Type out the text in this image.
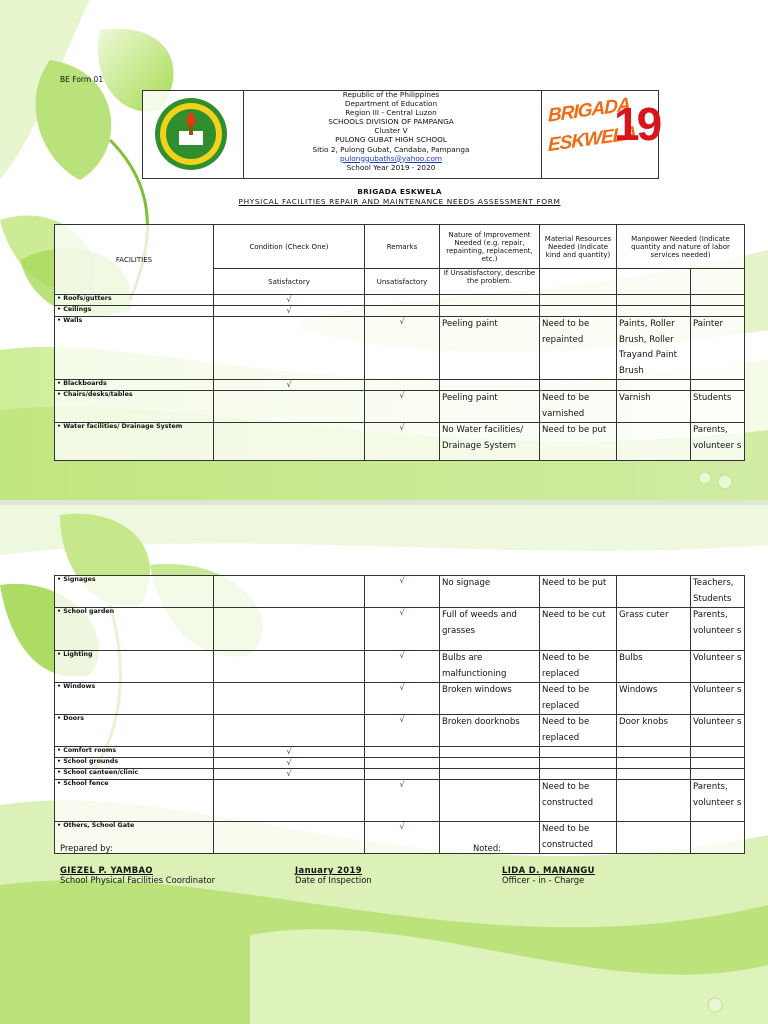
BE Form 01
BRIGADA
ESKWELA
19
Republic of the Philippines
Department of Education
Region III - Central Luzon
SCHOOLS DIVISION OF PAMPANGA
Cluster V
PULONG GUBAT HIGH SCHOOL
Sitio 2, Pulong Gubat, Candaba, Pampanga
pulonggubaths@yahoo.com
School Year 2019 - 2020
BRIGADA ESKWELA
PHYSICAL FACILITIES REPAIR AND MAINTENANCE NEEDS ASSESSMENT FORM
FACILITIES	Condition (Check One)	Remarks	Nature of Improvement Needed (e.g. repair, repainting, replacement, etc.)	Material Resources Needed (Indicate kind and quantity)	Manpower Needed (Indicate quantity and nature of labor services needed)	
	Satisfactory	Unsatisfactory	If Unsatisfactory, describe the problem.			
• Roofs/gutters	√					
• Ceilings	√					
• Walls		√	Peeling paint	Need to be repainted	Paints, Roller Brush, Roller Trayand Paint Brush	Painter
• Blackboards	√					
• Chairs/desks/tables		√	Peeling paint	Need to be varnished	Varnish	Students
• Water facilities/ Drainage System		√	No Water facilities/ Drainage System	Need to be put		Parents, volunteer s
• Signages		√	No signage	Need to be put		Teachers, Students
• School garden		√	Full of weeds and grasses	Need to be cut	Grass cuter	Parents, volunteer s
• Lighting		√	Bulbs are malfunctioning	Need to be replaced	Bulbs	Volunteer s
• Windows		√	Broken windows	Need to be replaced	Windows	Volunteer s
• Doors		√	Broken doorknobs	Need to be replaced	Door knobs	Volunteer s
• Comfort rooms	√					
• School grounds	√					
• School canteen/clinic	√					
• School fence		√		Need to be constructed		Parents, volunteer s
• Others, School Gate		√		Need to be constructed		
Prepared by:	Noted:
GIEZEL P. YAMBAO
School Physical Facilities Coordinator
January 2019
Date of Inspection
LIDA D. MANANGU
Officer - in - Charge
